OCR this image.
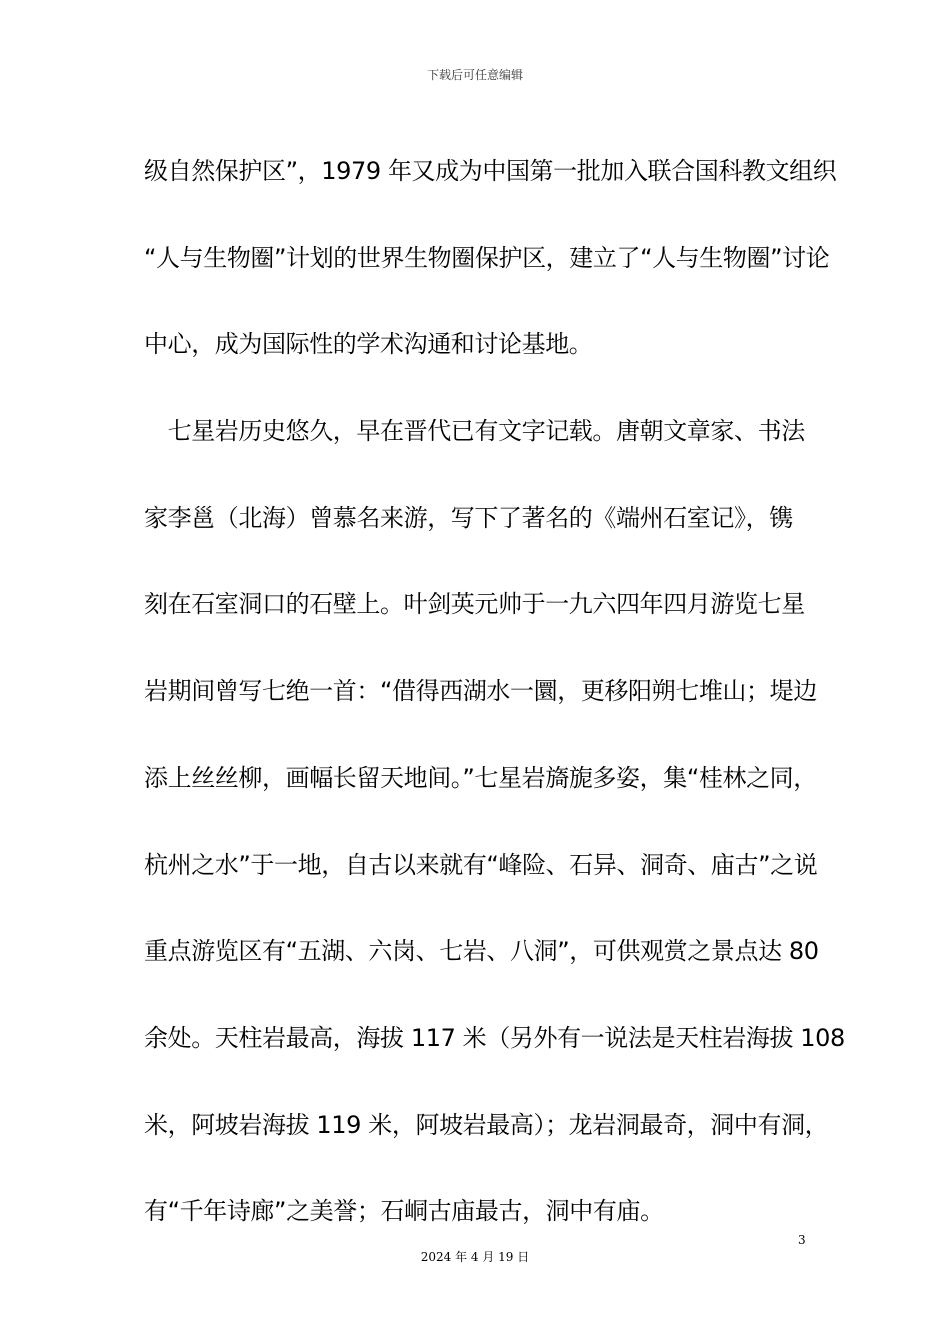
下载后可任意编辑
级自然保护区”，1979 年又成为中国第一批加入联合国科教文组织
“人与生物圈”计划的世界生物圈保护区，建立了“人与生物圈”讨论
中心，成为国际性的学术沟通和讨论基地。
　七星岩历史悠久，早在晋代已有文字记载。唐朝文章家、书法
家李邕（北海）曾慕名来游，写下了著名的《端州石室记》，镌
刻在石室洞口的石壁上。叶剑英元帅于一九六四年四月游览七星
岩期间曾写七绝一首：“借得西湖水一圜，更移阳朔七堆山；堤边
添上丝丝柳，画幅长留天地间。”七星岩旖旎多姿，集“桂林之同，
杭州之水”于一地，自古以来就有“峰险、石异、洞奇、庙古”之说
重点游览区有“五湖、六岗、七岩、八洞”，可供观赏之景点达 80
余处。天柱岩最高，海拔 117 米（另外有一说法是天柱岩海拔 108
米，阿坡岩海拔 119 米，阿坡岩最高）；龙岩洞最奇，洞中有洞，
有“千年诗廊”之美誉；石峒古庙最古，洞中有庙。
3
2024 年 4 月 19 日
